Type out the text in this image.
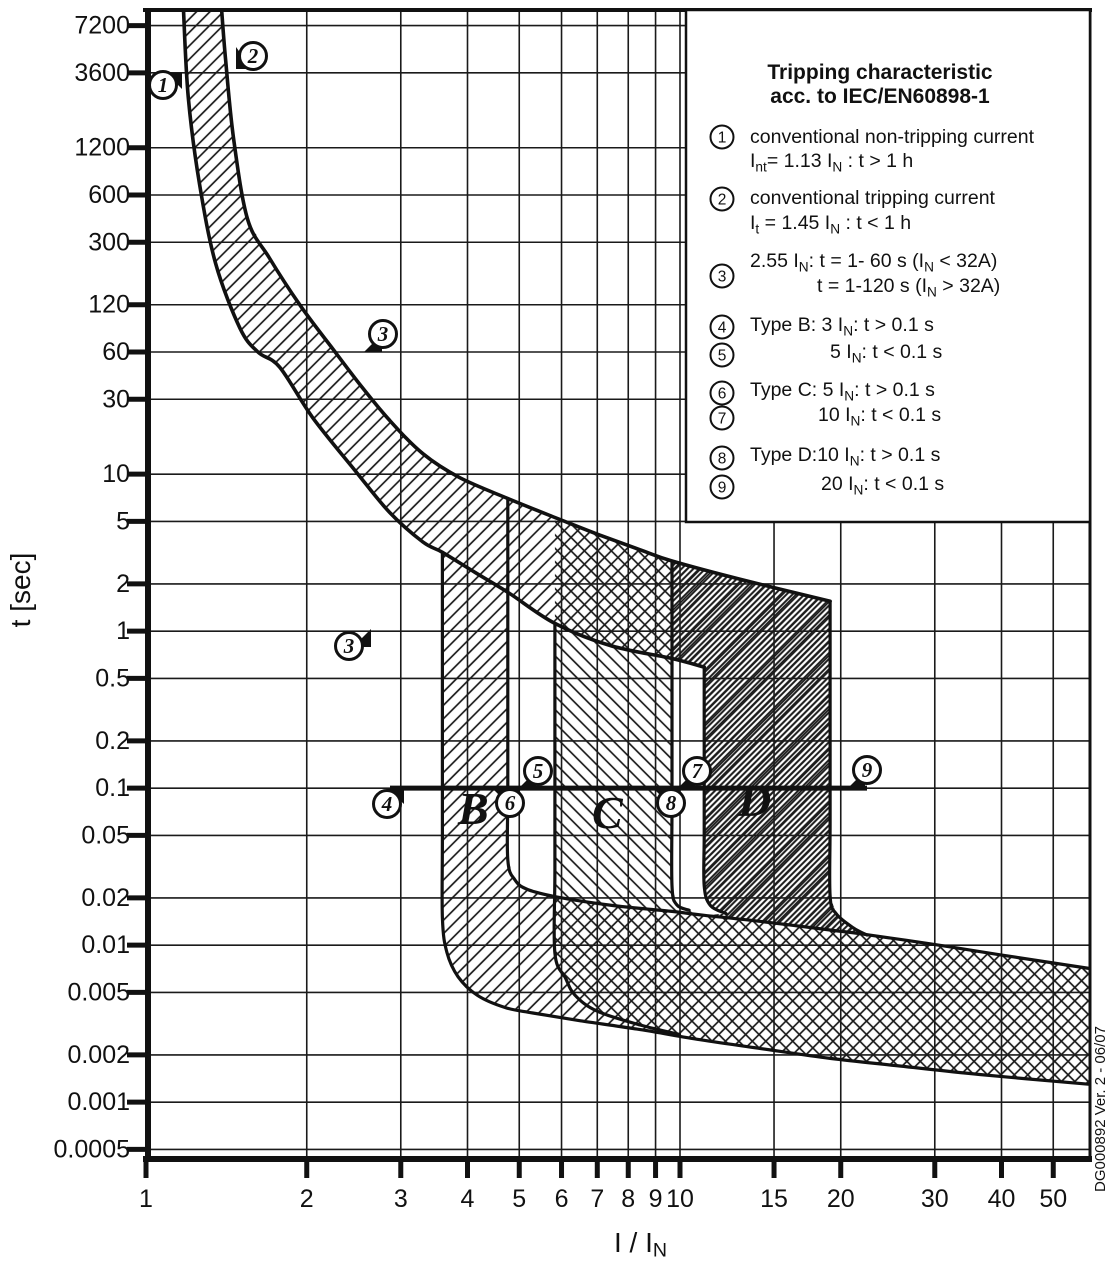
B C	D
7200
3600
1200
600
300
120
60
30
10
5
2
1
0.5
0.2
0.1
0.05
0.02
0.01
0.005
0.002
0.001
0.0005
1	2	3 4 5 6 7 8 9 10	15 20	30 40 50
t [sec]
I / IN
DG000892 Ver. 2 - 06/07
Tripping characteristic
acc. to IEC/EN60898-1
1 conventional non-tripping current
$I_{nt}= 1.13$ $I_N$ : t > 1 h
2 conventional tripping current
$I_t = 1.45$ $I_N$ : t < 1 h
3
2.55 $I_N$: t = 1- 60 s $(I_N < 32A)$
t = 1-120 s $(I_N > 32A)$
4 Type B: 3 $I_N$: t > 0.1 s
5	5 $I_N$: t < 0.1 s
6 Type C: 5 $I_N$: t > 0.1 s
7	10 $I_N$: t < 0.1 s
8 Type D:10 $I_N$: t > 0.1 s
9	20 $I_N$: t < 0.1 s
1
2
3
3
4
5
6
7
8
9
